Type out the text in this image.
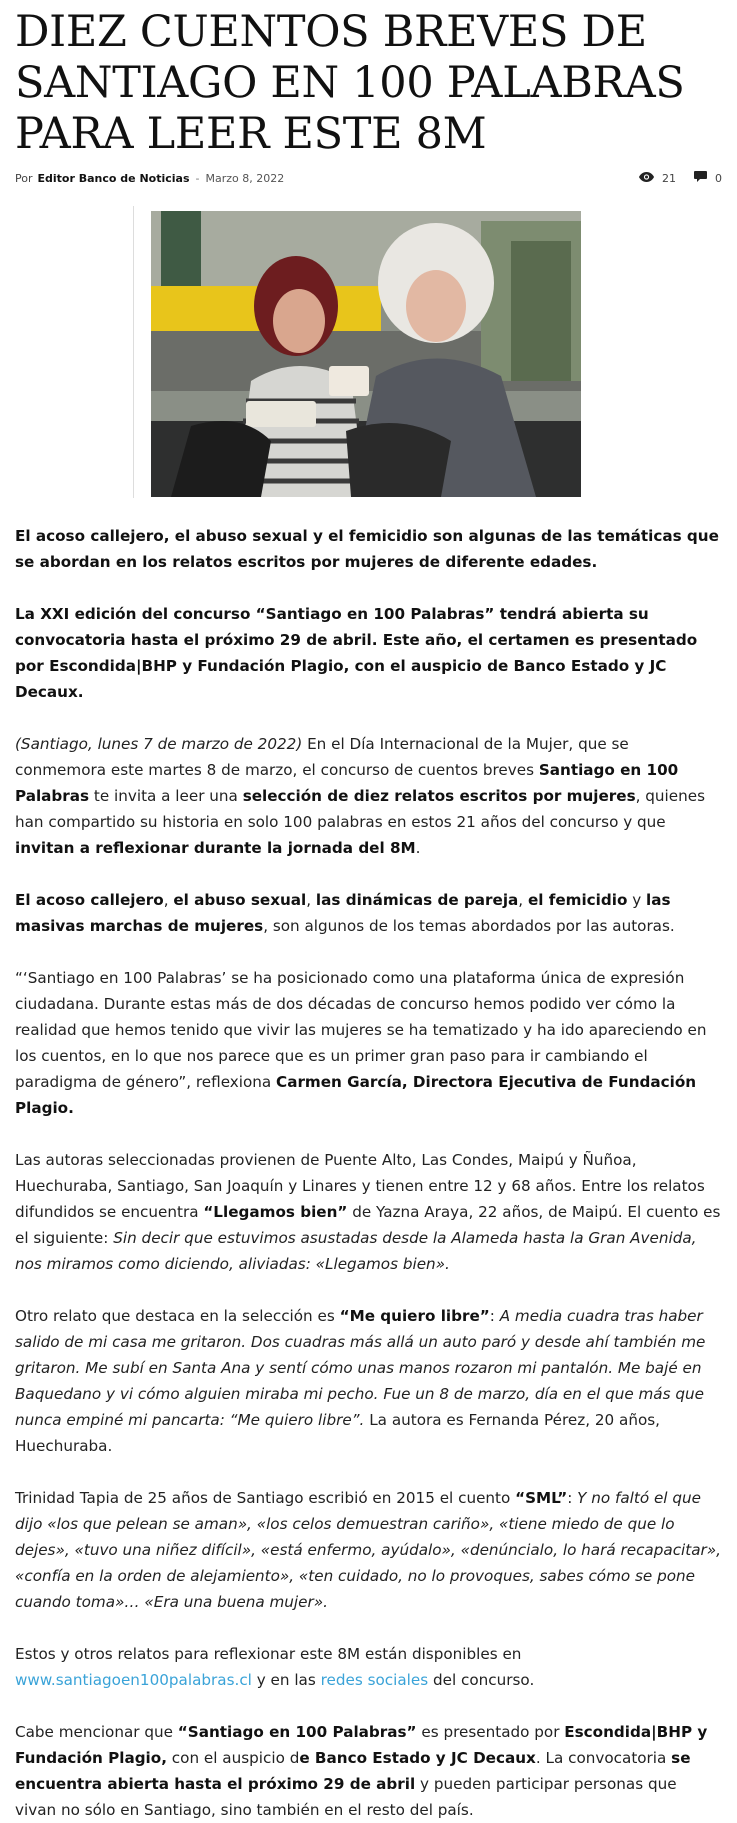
DIEZ CUENTOS BREVES DE SANTIAGO EN 100 PALABRAS PARA LEER ESTE 8M
Por Editor Banco de Noticias - Marzo 8, 2022	21	0

El acoso callejero, el abuso sexual y el femicidio son algunas de las temáticas que se abordan en los relatos escritos por mujeres de diferente edades.

La XXI edición del concurso “Santiago en 100 Palabras” tendrá abierta su convocatoria hasta el próximo 29 de abril. Este año, el certamen es presentado por Escondida|BHP y Fundación Plagio, con el auspicio de Banco Estado y JC Decaux.

(Santiago, lunes 7 de marzo de 2022) En el Día Internacional de la Mujer, que se conmemora este martes 8 de marzo, el concurso de cuentos breves Santiago en 100 Palabras te invita a leer una selección de diez relatos escritos por mujeres, quienes han compartido su historia en solo 100 palabras en estos 21 años del concurso y que invitan a reflexionar durante la jornada del 8M.

El acoso callejero, el abuso sexual, las dinámicas de pareja, el femicidio y las masivas marchas de mujeres, son algunos de los temas abordados por las autoras.

“‘Santiago en 100 Palabras’ se ha posicionado como una plataforma única de expresión ciudadana. Durante estas más de dos décadas de concurso hemos podido ver cómo la realidad que hemos tenido que vivir las mujeres se ha tematizado y ha ido apareciendo en los cuentos, en lo que nos parece que es un primer gran paso para ir cambiando el paradigma de género”, reflexiona Carmen García, Directora Ejecutiva de Fundación Plagio.

Las autoras seleccionadas provienen de Puente Alto, Las Condes, Maipú y Ñuñoa, Huechuraba, Santiago, San Joaquín y Linares y tienen entre 12 y 68 años. Entre los relatos difundidos se encuentra “Llegamos bien” de Yazna Araya, 22 años, de Maipú. El cuento es el siguiente: Sin decir que estuvimos asustadas desde la Alameda hasta la Gran Avenida, nos miramos como diciendo, aliviadas: «Llegamos bien».

Otro relato que destaca en la selección es “Me quiero libre”: A media cuadra tras haber salido de mi casa me gritaron. Dos cuadras más allá un auto paró y desde ahí también me gritaron. Me subí en Santa Ana y sentí cómo unas manos rozaron mi pantalón. Me bajé en Baquedano y vi cómo alguien miraba mi pecho. Fue un 8 de marzo, día en el que más que nunca empiné mi pancarta: “Me quiero libre”. La autora es Fernanda Pérez, 20 años, Huechuraba.

Trinidad Tapia de 25 años de Santiago escribió en 2015 el cuento “SML”: Y no faltó el que dijo «los que pelean se aman», «los celos demuestran cariño», «tiene miedo de que lo dejes», «tuvo una niñez difícil», «está enfermo, ayúdalo», «denúncialo, lo hará recapacitar», «confía en la orden de alejamiento», «ten cuidado, no lo provoques, sabes cómo se pone cuando toma»… «Era una buena mujer».

Estos y otros relatos para reflexionar este 8M están disponibles en www.santiagoen100palabras.cl y en las redes sociales del concurso.

Cabe mencionar que “Santiago en 100 Palabras” es presentado por Escondida|BHP y Fundación Plagio, con el auspicio de Banco Estado y JC Decaux. La convocatoria se encuentra abierta hasta el próximo 29 de abril y pueden participar personas que vivan no sólo en Santiago, sino también en el resto del país.
